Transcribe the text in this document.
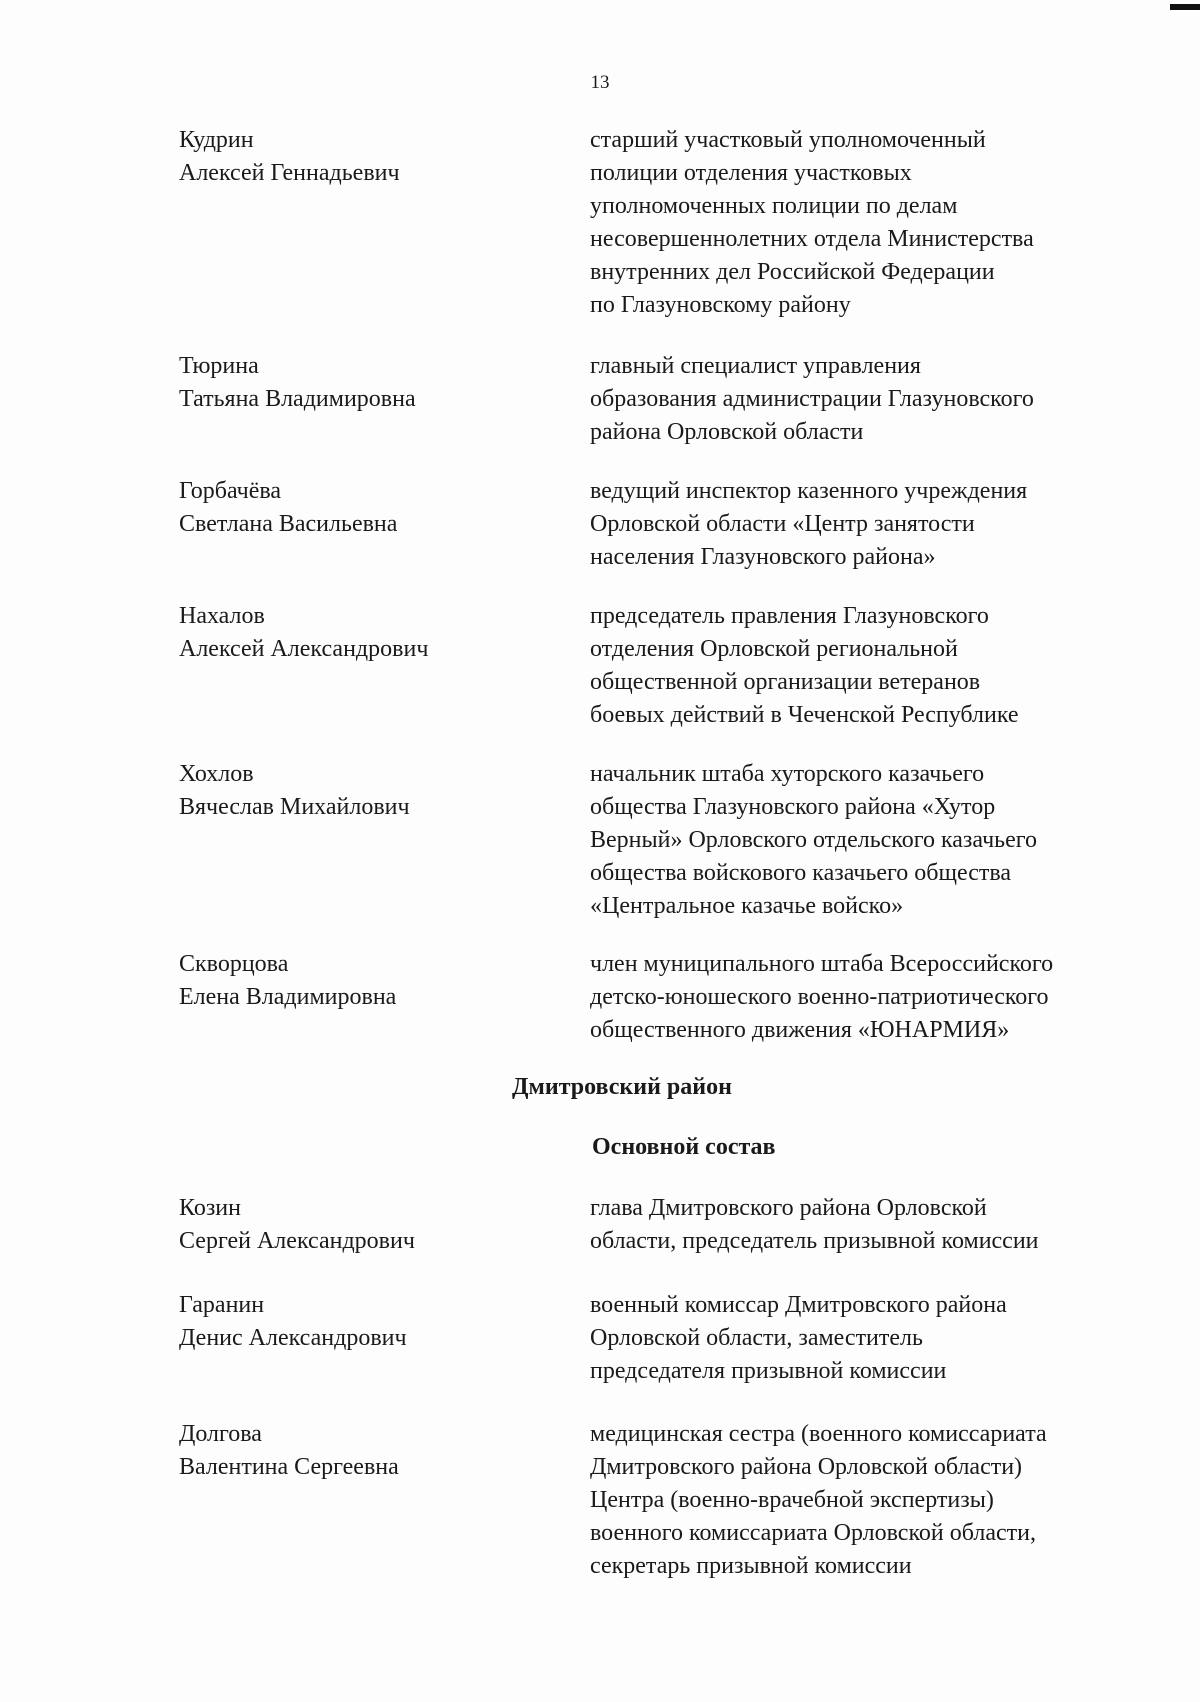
13
Кудрин
Алексей Геннадьевич
старший участковый уполномоченный
полиции отделения участковых
уполномоченных полиции по делам
несовершеннолетних отдела Министерства
внутренних дел Российской Федерации
по Глазуновскому району
Тюрина
Татьяна Владимировна
главный специалист управления
образования администрации Глазуновского
района Орловской области
Горбачёва
Светлана Васильевна
ведущий инспектор казенного учреждения
Орловской области «Центр занятости
населения Глазуновского района»
Нахалов
Алексей Александрович
председатель правления Глазуновского
отделения Орловской региональной
общественной организации ветеранов
боевых действий в Чеченской Республике
Хохлов
Вячеслав Михайлович
начальник штаба хуторского казачьего
общества Глазуновского района «Хутор
Верный» Орловского отдельского казачьего
общества войскового казачьего общества
«Центральное казачье войско»
Скворцова
Елена Владимировна
член муниципального штаба Всероссийского
детско-юношеского военно-патриотического
общественного движения «ЮНАРМИЯ»
Дмитровский район
Основной состав
Козин
Сергей Александрович
глава Дмитровского района Орловской
области, председатель призывной комиссии
Гаранин
Денис Александрович
военный комиссар Дмитровского района
Орловской области, заместитель
председателя призывной комиссии
Долгова
Валентина Сергеевна
медицинская сестра (военного комиссариата
Дмитровского района Орловской области)
Центра (военно-врачебной экспертизы)
военного комиссариата Орловской области,
секретарь призывной комиссии
